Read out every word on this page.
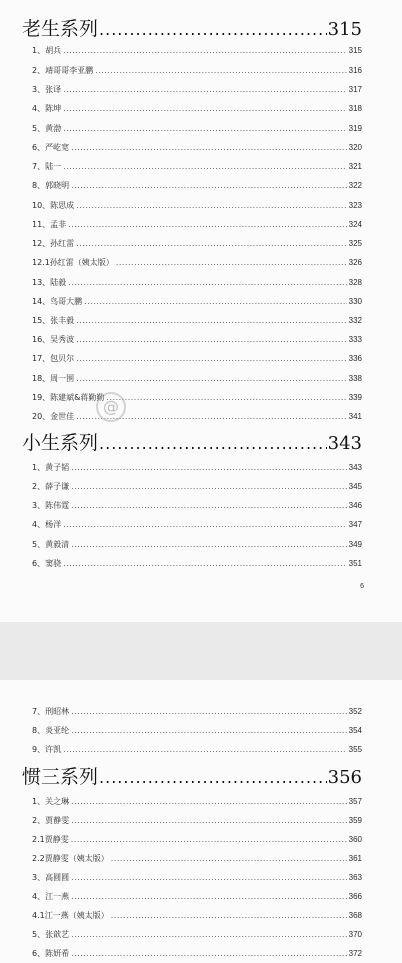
老生系列 .....	315
1、胡兵 .....	315
2、靖哥哥李亚鹏 .....	316
3、张译 .....	317
4、陈坤 .....	318
5、黄渤 .....	319
6、严屹宽 .....	320
7、陆一 .....	321
8、郭晓明 .....	322
10、陈思成 .....	323
11、孟非 .....	324
12、孙红雷 .....	325
12.1孙红雷（姨太版） .....	326
13、陆毅 .....	328
14、鸟哥大鹏 .....	330
15、张丰毅 .....	332
16、吴秀波 .....	333
17、包贝尔 .....	336
18、周一围 .....	338
19、陈建斌&蒋勤勤 .....	339
20、金世佳 .....	341
@
小生系列 .....	343
1、黄子韬 .....	343
2、薛子谦 .....	345
3、陈伟霆 .....	346
4、杨洋 .....	347
5、黄毅清 .....	349
6、窦骁 .....	351
6
7、刑昭林 .....	352
8、炎亚纶 .....	354
9、许凯 .....	355
惯三系列 .....	356
1、关之琳 .....	357
2、贾静雯 .....	359
2.1贾静雯 .....	360
2.2贾静雯（姨太版） .....	361
3、高圆圆 .....	363
4、江一燕 .....	366
4.1江一燕（姨太版） .....	368
5、张歆艺 .....	370
6、陈妍希 .....	372
